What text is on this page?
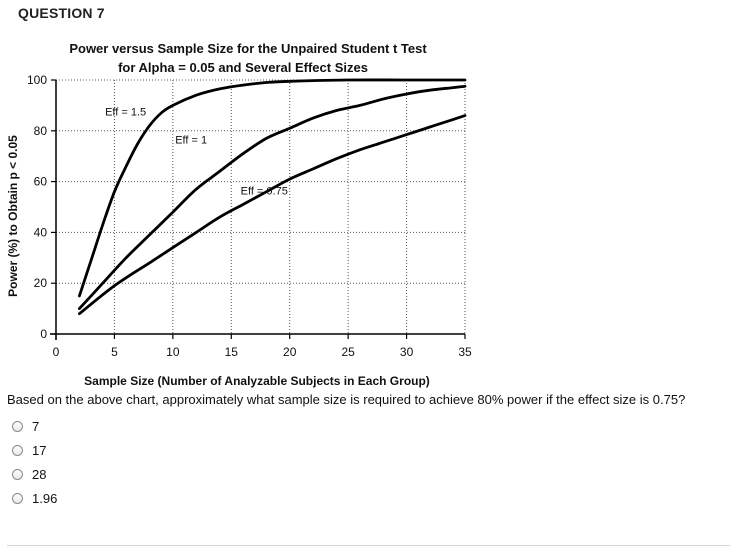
QUESTION 7
Power versus Sample Size for the Unpaired Student t Test
for Alpha = 0.05 and Several Effect Sizes
0
20
40
60
80
100
0	5	10	15	20	25	30	35
Eff = 1.5
Eff = 1
Eff = 0.75
Sample Size (Number of Analyzable Subjects in Each Group)
Power (%) to Obtain p < 0.05
Based on the above chart, approximately what sample size is required to achieve 80% power if the effect size is 0.75?
7
17
28
1.96
